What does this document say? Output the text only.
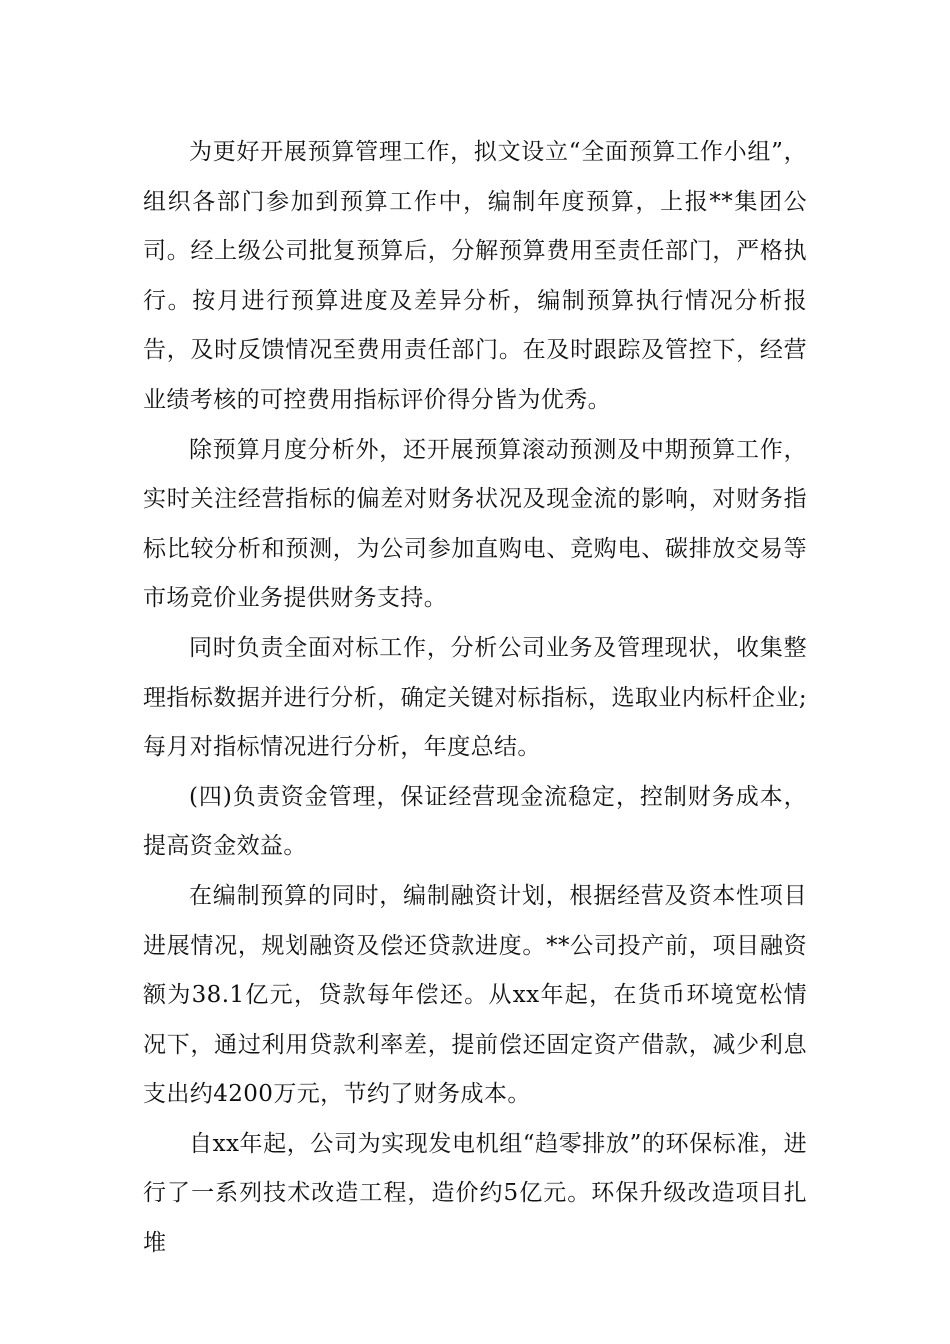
为更好开展预算管理工作，拟文设立“全面预算工作小组”，组织各部门参加到预算工作中，编制年度预算，上报**集团公司。经上级公司批复预算后，分解预算费用至责任部门，严格执行。按月进行预算进度及差异分析，编制预算执行情况分析报告，及时反馈情况至费用责任部门。在及时跟踪及管控下，经营业绩考核的可控费用指标评价得分皆为优秀。

除预算月度分析外，还开展预算滚动预测及中期预算工作，实时关注经营指标的偏差对财务状况及现金流的影响，对财务指标比较分析和预测，为公司参加直购电、竞购电、碳排放交易等市场竞价业务提供财务支持。

同时负责全面对标工作，分析公司业务及管理现状，收集整理指标数据并进行分析，确定关键对标指标，选取业内标杆企业;每月对指标情况进行分析，年度总结。

(四)负责资金管理，保证经营现金流稳定，控制财务成本，提高资金效益。

在编制预算的同时，编制融资计划，根据经营及资本性项目进展情况，规划融资及偿还贷款进度。**公司投产前，项目融资额为38.1亿元，贷款每年偿还。从xx年起，在货币环境宽松情况下，通过利用贷款利率差，提前偿还固定资产借款，减少利息支出约4200万元，节约了财务成本。

自xx年起，公司为实现发电机组“趋零排放”的环保标准，进行了一系列技术改造工程，造价约5亿元。环保升级改造项目扎堆
